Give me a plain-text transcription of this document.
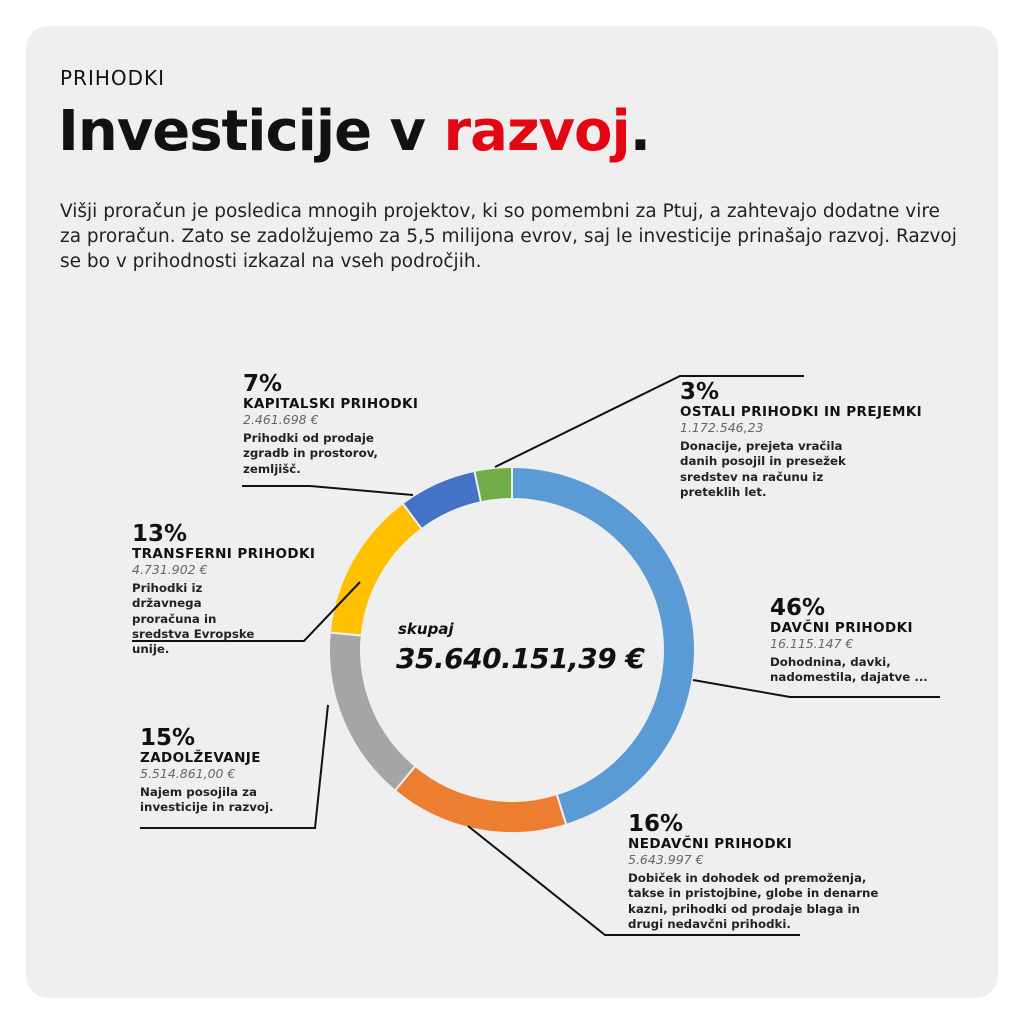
PRIHODKI
Investicije v razvoj.
Višji proračun je posledica mnogih projektov, ki so pomembni za Ptuj, a zahtevajo dodatne vire za proračun. Zato se zadolžujemo za 5,5 milijona evrov, saj le investicije prinašajo razvoj. Razvoj se bo v prihodnosti izkazal na vseh področjih.
skupaj
35.640.151,39 €
46%
DAVČNI PRIHODKI
16.115.147 €
Dohodnina, davki, nadomestila, dajatve ...
16%
NEDAVČNI PRIHODKI
5.643.997 €
Dobiček in dohodek od premoženja, takse in pristojbine, globe in denarne kazni, prihodki od prodaje blaga in drugi nedavčni prihodki.
15%
ZADOLŽEVANJE
5.514.861,00 €
Najem posojila za investicije in razvoj.
13%
TRANSFERNI PRIHODKI
4.731.902 €
Prihodki iz državnega proračuna in sredstva Evropske unije.
7%
KAPITALSKI PRIHODKI
2.461.698 €
Prihodki od prodaje zgradb in prostorov, zemljišč.
3%
OSTALI PRIHODKI IN PREJEMKI
1.172.546,23
Donacije, prejeta vračila danih posojil in presežek sredstev na računu iz preteklih let.
